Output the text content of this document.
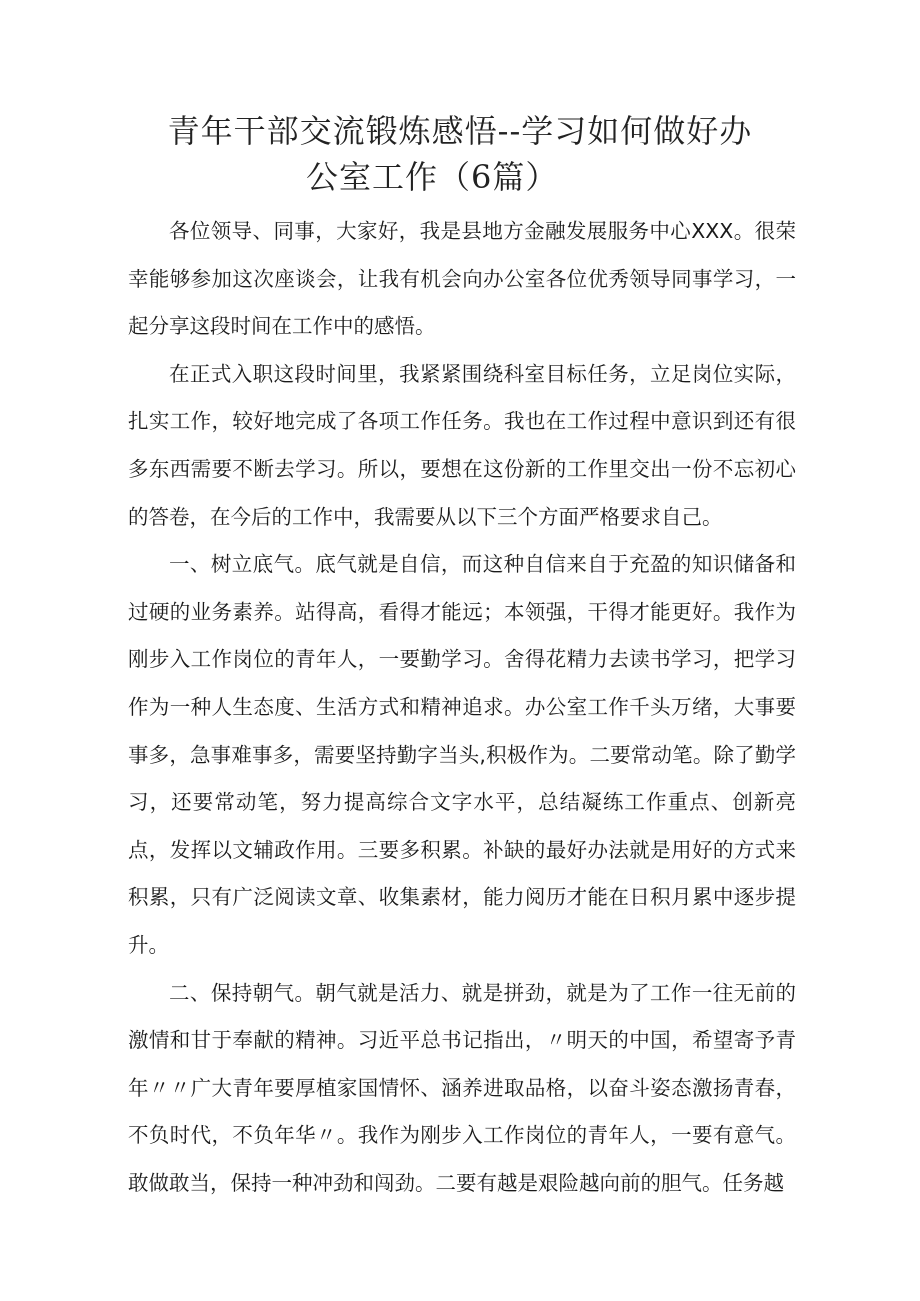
青年干部交流锻炼感悟--学习如何做好办
公室工作（6篇）

各位领导、同事，大家好，我是县地方金融发展服务中心XXX。很荣幸能够参加这次座谈会，让我有机会向办公室各位优秀领导同事学习，一起分享这段时间在工作中的感悟。

在正式入职这段时间里，我紧紧围绕科室目标任务，立足岗位实际，扎实工作，较好地完成了各项工作任务。我也在工作过程中意识到还有很多东西需要不断去学习。所以，要想在这份新的工作里交出一份不忘初心的答卷，在今后的工作中，我需要从以下三个方面严格要求自己。

一、树立底气。底气就是自信，而这种自信来自于充盈的知识储备和过硬的业务素养。站得高，看得才能远；本领强，干得才能更好。我作为刚步入工作岗位的青年人，一要勤学习。舍得花精力去读书学习，把学习作为一种人生态度、生活方式和精神追求。办公室工作千头万绪，大事要事多，急事难事多，需要坚持勤字当头,积极作为。二要常动笔。除了勤学习，还要常动笔，努力提高综合文字水平，总结凝练工作重点、创新亮点，发挥以文辅政作用。三要多积累。补缺的最好办法就是用好的方式来积累，只有广泛阅读文章、收集素材，能力阅历才能在日积月累中逐步提升。

二、保持朝气。朝气就是活力、就是拼劲，就是为了工作一往无前的激情和甘于奉献的精神。习近平总书记指出，〃明天的中国，希望寄予青年〃〃广大青年要厚植家国情怀、涵养进取品格，以奋斗姿态激扬青春，不负时代，不负年华〃。我作为刚步入工作岗位的青年人，一要有意气。敢做敢当，保持一种冲劲和闯劲。二要有越是艰险越向前的胆气。任务越
